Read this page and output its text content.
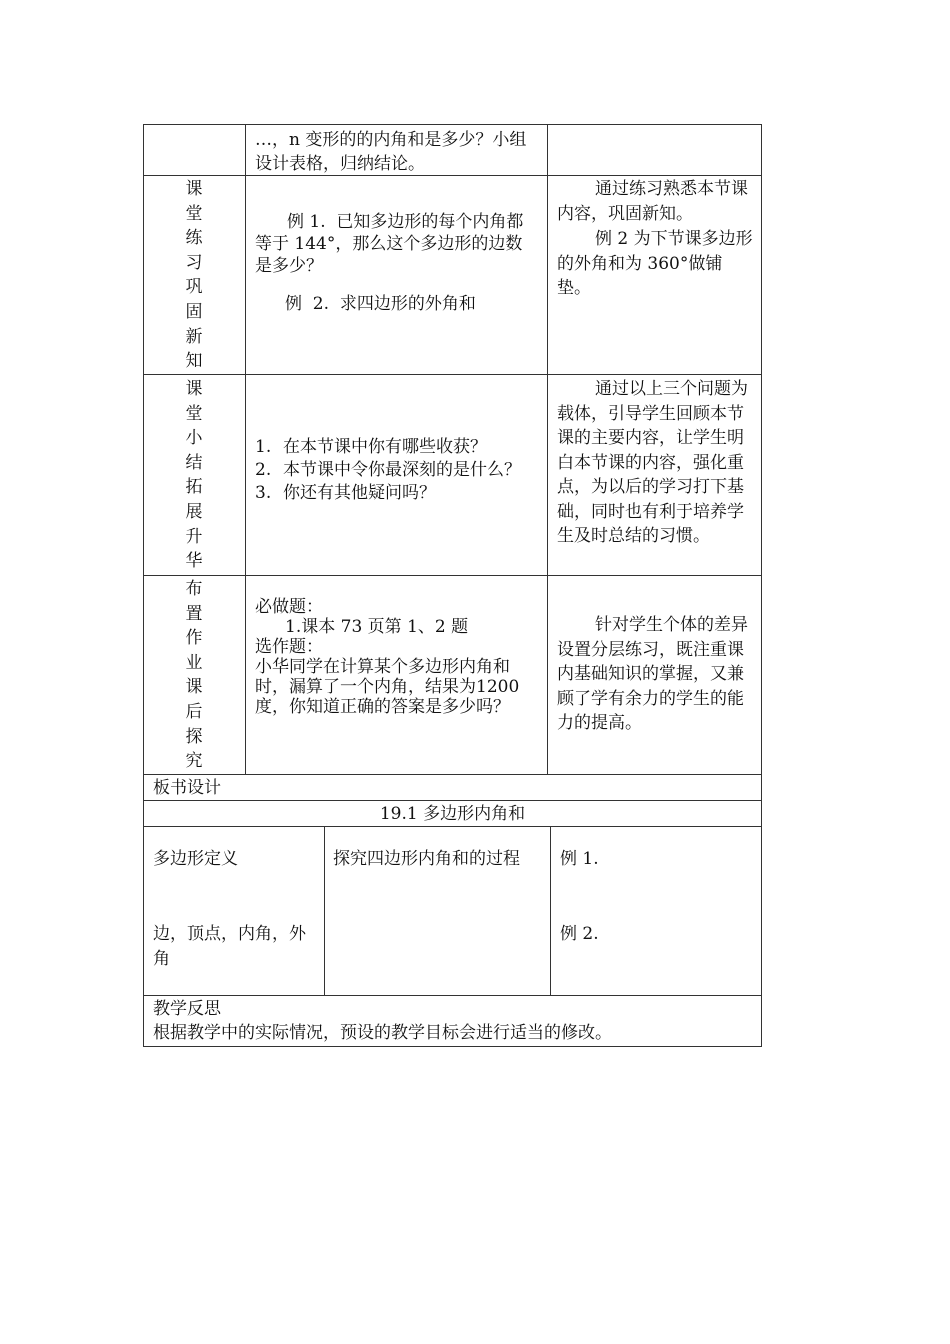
…，n 变形的的内角和是多少？小组设计表格，归纳结论。
课
堂
练
习
巩
固
新
知
例 1.  已知多边形的每个内角都等于 144°，那么这个多边形的边数是多少？
例  2.  求四边形的外角和
通过练习熟悉本节课内容，巩固新知。
例 2 为下节课多边形的外角和为 360°做铺垫。
课
堂
小
结
拓
展
升
华
1. 在本节课中你有哪些收获？
2. 本节课中令你最深刻的是什么？
3. 你还有其他疑问吗？
通过以上三个问题为载体，引导学生回顾本节课的主要内容，让学生明白本节课的内容，强化重点，为以后的学习打下基础，同时也有利于培养学生及时总结的习惯。
布
置
作
业
课
后
探
究
必做题：
1.课本 73 页第 1、2 题
选作题：
小华同学在计算某个多边形内角和时，漏算了一个内角，结果为1200度，你知道正确的答案是多少吗？
针对学生个体的差异设置分层练习，既注重课内基础知识的掌握，又兼顾了学有余力的学生的能力的提高。
板书设计
19.1 多边形内角和
多边形定义
边，顶点，内角，外角
探究四边形内角和的过程	例 1.
例 2.
教学反思
根据教学中的实际情况，预设的教学目标会进行适当的修改。
